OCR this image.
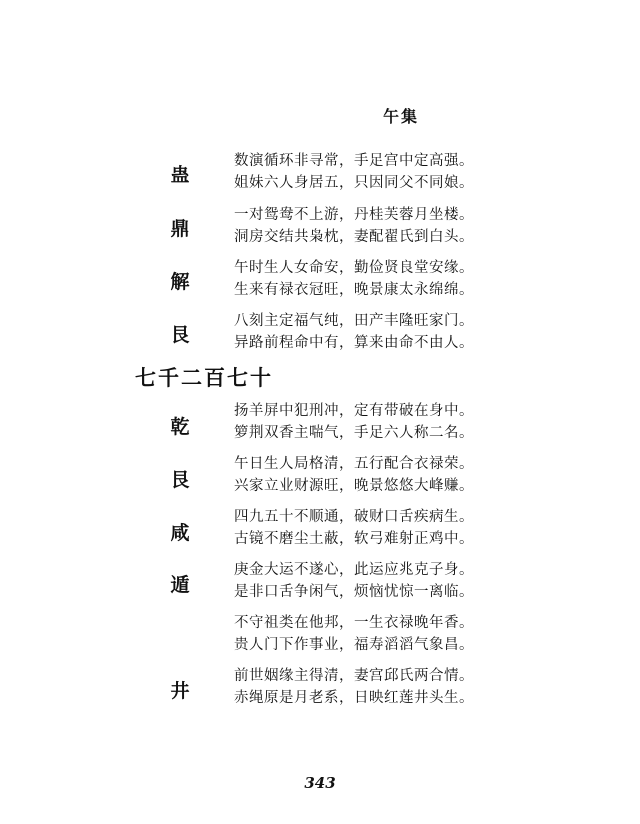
午集
蛊
鼎
解
艮
数演循环非寻常，手足宫中定高强。
姐妹六人身居五，只因同父不同娘。
一对鸳鸯不上游，丹桂芙蓉月坐楼。
洞房交结共枭枕，妻配翟氏到白头。
午时生人女命安，勤俭贤良堂安缘。
生来有禄衣冠旺，晚景康太永绵绵。
八刻主定福气纯，田产丰隆旺家门。
异路前程命中有，算来由命不由人。
七千二百七十
乾
艮
咸
遁
井
扬羊屏中犯刑冲，定有带破在身中。
箩荆双香主喘气，手足六人称二名。
午日生人局格清，五行配合衣禄荣。
兴家立业财源旺，晚景悠悠大峰赚。
四九五十不顺通，破财口舌疾病生。
古镜不磨尘土蔽，软弓难射正鸡中。
庚金大运不遂心，此运应兆克子身。
是非口舌争闲气，烦恼忧惊一离临。
不守祖类在他邦，一生衣禄晚年香。
贵人门下作事业，福寿滔滔气象昌。
前世姻缘主得清，妻宫邱氏两合情。
赤绳原是月老系，日映红莲井头生。
343
